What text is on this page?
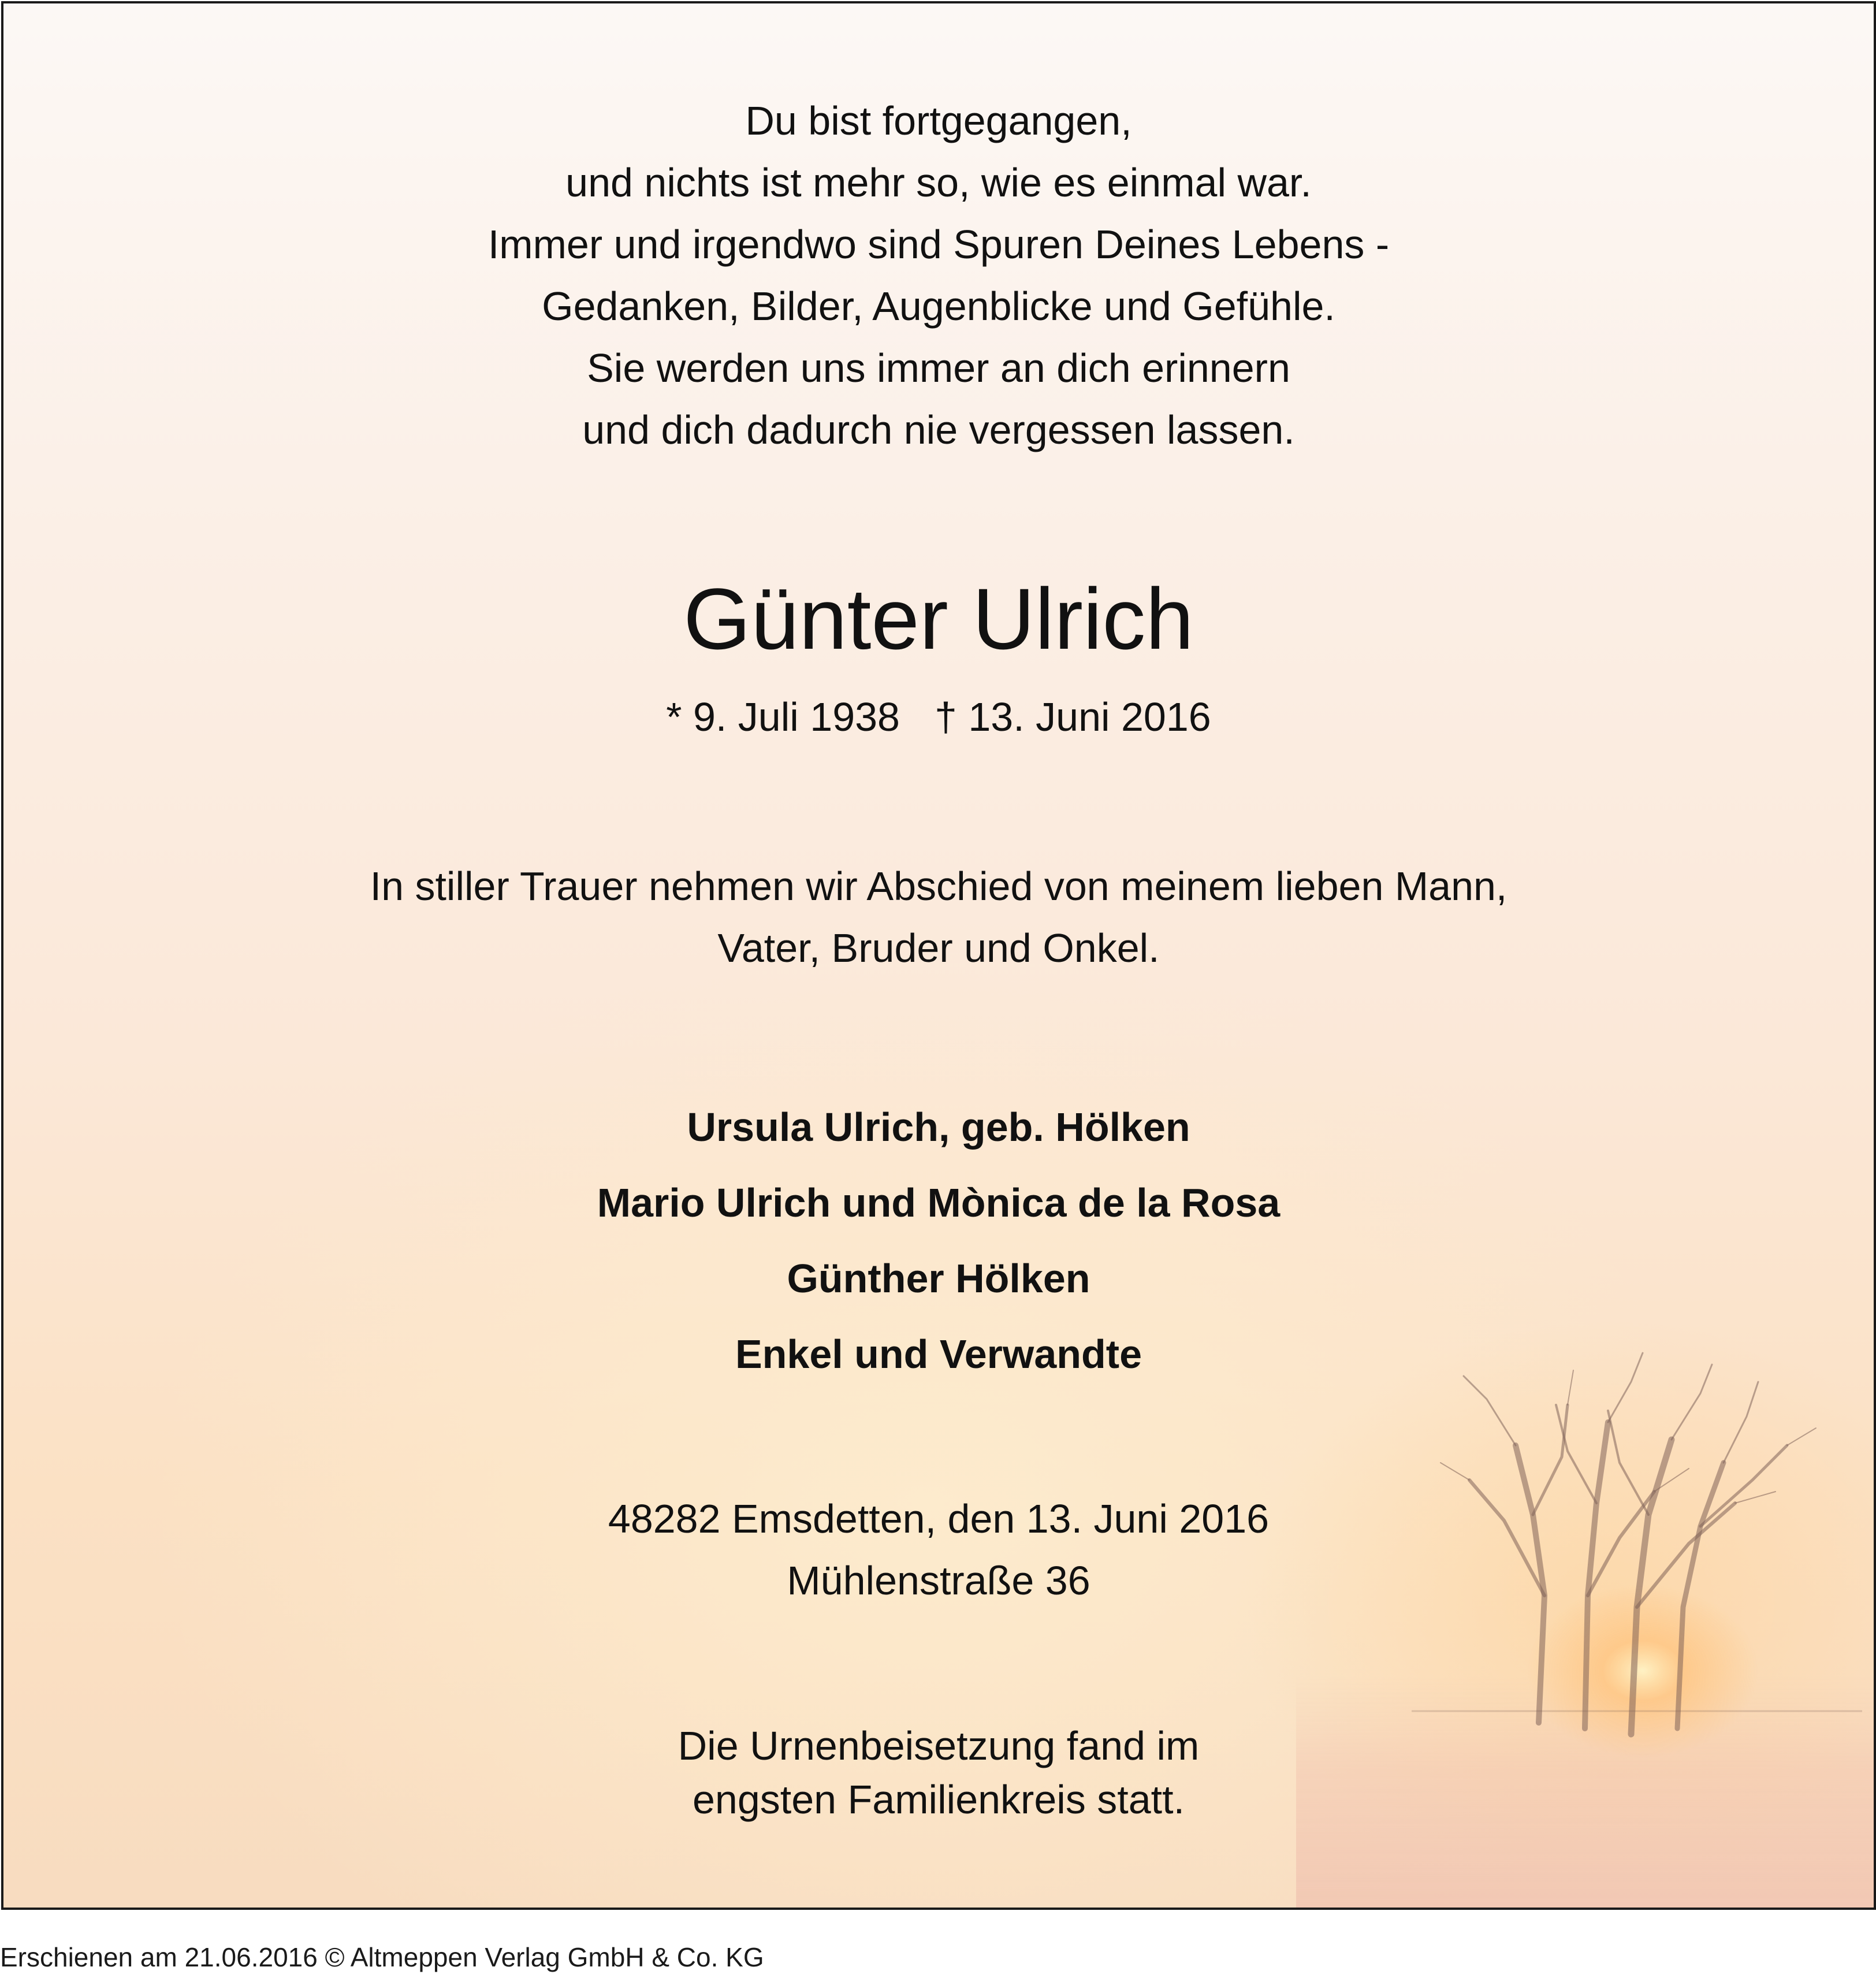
Du bist fortgegangen,
und nichts ist mehr so, wie es einmal war.
Immer und irgendwo sind Spuren Deines Lebens -
Gedanken, Bilder, Augenblicke und Gefühle.
Sie werden uns immer an dich erinnern
und dich dadurch nie vergessen lassen.
Günter Ulrich
* 9. Juli 1938 † 13. Juni 2016
In stiller Trauer nehmen wir Abschied von meinem lieben Mann,
Vater, Bruder und Onkel.
Ursula Ulrich, geb. Hölken
Mario Ulrich und Mònica de la Rosa
Günther Hölken
Enkel und Verwandte
48282 Emsdetten, den 13. Juni 2016
Mühlenstraße 36
Die Urnenbeisetzung fand im
engsten Familienkreis statt.
Erschienen am 21.06.2016 © Altmeppen Verlag GmbH & Co. KG
